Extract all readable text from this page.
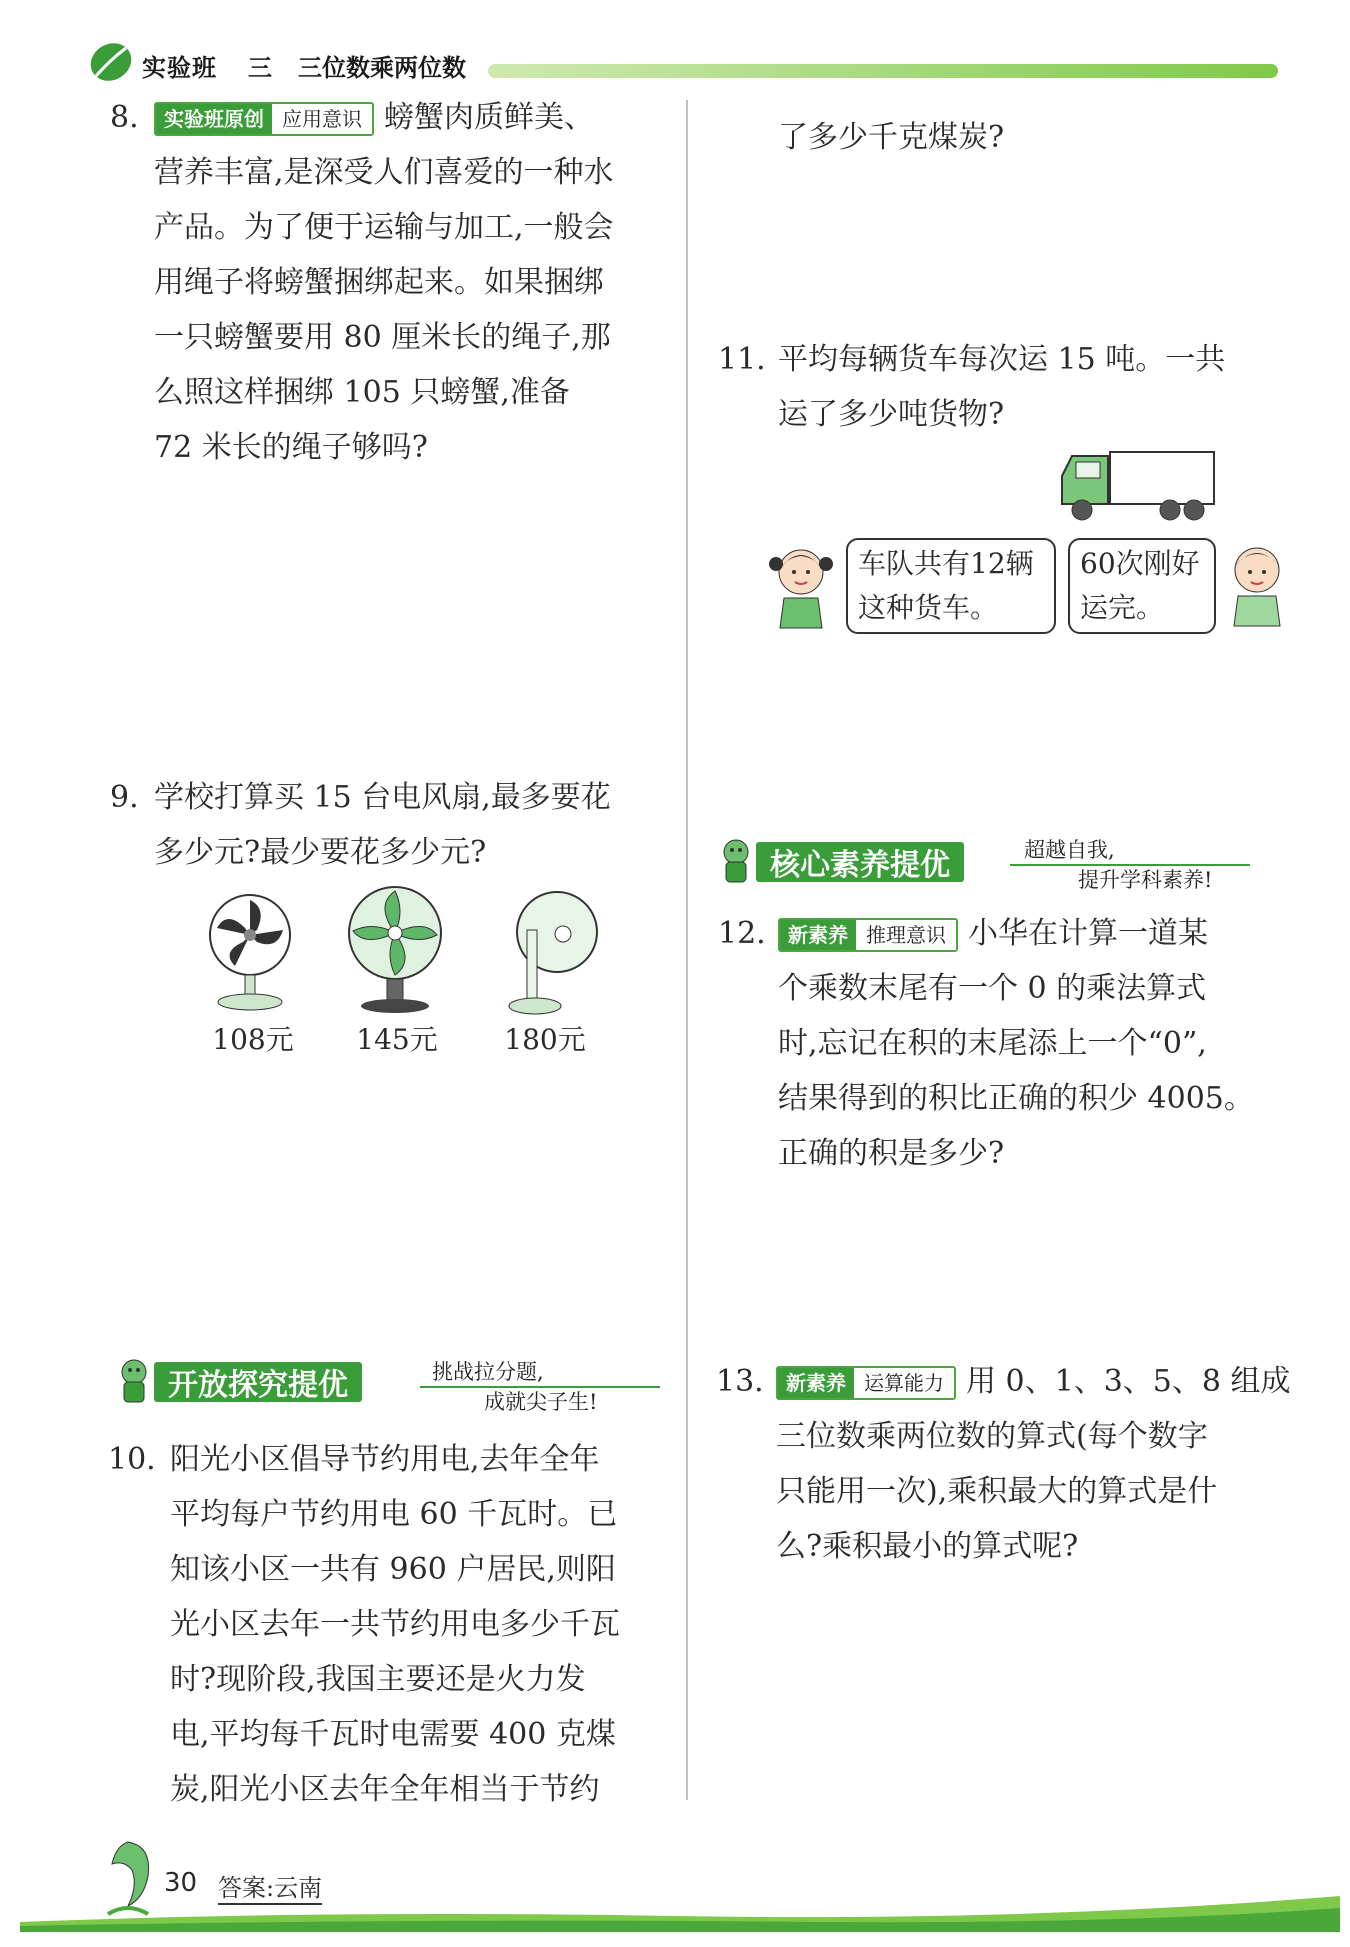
实验班 三 三位数乘两位数
8.	实验班原创 应用意识 螃蟹肉质鲜美、
营养丰富,是深受人们喜爱的一种水
产品。为了便于运输与加工,一般会
用绳子将螃蟹捆绑起来。如果捆绑
一只螃蟹要用 80 厘米长的绳子,那
么照这样捆绑 105 只螃蟹,准备
72 米长的绳子够吗?
9. 学校打算买 15 台电风扇,最多要花
多少元?最少要花多少元?
108元	145元	180元
开放探究提优	挑战拉分题,
成就尖子生!
10. 阳光小区倡导节约用电,去年全年
平均每户节约用电 60 千瓦时。已
知该小区一共有 960 户居民,则阳
光小区去年一共节约用电多少千瓦
时?现阶段,我国主要还是火力发
电,平均每千瓦时电需要 400 克煤
炭,阳光小区去年全年相当于节约
了多少千克煤炭?
11. 平均每辆货车每次运 15 吨。一共
运了多少吨货物?
车队共有12辆
这种货车。
60次刚好
运完。
核心素养提优	超越自我,
提升学科素养!
12.	新素养 推理意识 小华在计算一道某
个乘数末尾有一个 0 的乘法算式
时,忘记在积的末尾添上一个“0”,
结果得到的积比正确的积少 4005。
正确的积是多少?
13.	新素养 运算能力 用 0、1、3、5、8 组成
三位数乘两位数的算式(每个数字
只能用一次),乘积最大的算式是什
么?乘积最小的算式呢?
30 答案:云南
